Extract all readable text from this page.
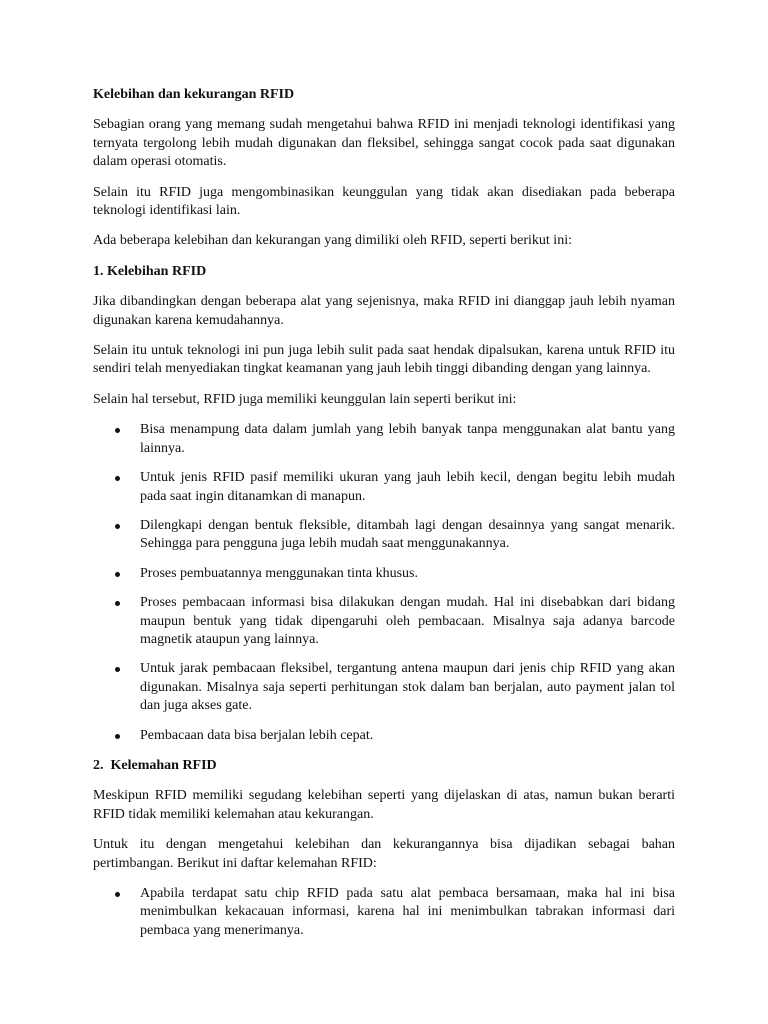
Kelebihan dan kekurangan RFID

Sebagian orang yang memang sudah mengetahui bahwa RFID ini menjadi teknologi identifikasi yang ternyata tergolong lebih mudah digunakan dan fleksibel, sehingga sangat cocok pada saat digunakan dalam operasi otomatis.

Selain itu RFID juga mengombinasikan keunggulan yang tidak akan disediakan pada beberapa teknologi identifikasi lain.

Ada beberapa kelebihan dan kekurangan yang dimiliki oleh RFID, seperti berikut ini:

1. Kelebihan RFID

Jika dibandingkan dengan beberapa alat yang sejenisnya, maka RFID ini dianggap jauh lebih nyaman digunakan karena kemudahannya.

Selain itu untuk teknologi ini pun juga lebih sulit pada saat hendak dipalsukan, karena untuk RFID itu sendiri telah menyediakan tingkat keamanan yang jauh lebih tinggi dibanding dengan yang lainnya.

Selain hal tersebut, RFID juga memiliki keunggulan lain seperti berikut ini:

Bisa menampung data dalam jumlah yang lebih banyak tanpa menggunakan alat bantu yang lainnya.
Untuk jenis RFID pasif memiliki ukuran yang jauh lebih kecil, dengan begitu lebih mudah pada saat ingin ditanamkan di manapun.
Dilengkapi dengan bentuk fleksible, ditambah lagi dengan desainnya yang sangat menarik. Sehingga para pengguna juga lebih mudah saat menggunakannya.
Proses pembuatannya menggunakan tinta khusus.
Proses pembacaan informasi bisa dilakukan dengan mudah. Hal ini disebabkan dari bidang maupun bentuk yang tidak dipengaruhi oleh pembacaan. Misalnya saja adanya barcode magnetik ataupun yang lainnya.
Untuk jarak pembacaan fleksibel, tergantung antena maupun dari jenis chip RFID yang akan digunakan. Misalnya saja seperti perhitungan stok dalam ban berjalan, auto payment jalan tol dan juga akses gate.
Pembacaan data bisa berjalan lebih cepat.

2.  Kelemahan RFID

Meskipun RFID memiliki segudang kelebihan seperti yang dijelaskan di atas, namun bukan berarti RFID tidak memiliki kelemahan atau kekurangan.

Untuk itu dengan mengetahui kelebihan dan kekurangannya bisa dijadikan sebagai bahan pertimbangan. Berikut ini daftar kelemahan RFID:

Apabila terdapat satu chip RFID pada satu alat pembaca bersamaan, maka hal ini bisa menimbulkan kekacauan informasi, karena hal ini menimbulkan tabrakan informasi dari pembaca yang menerimanya.
